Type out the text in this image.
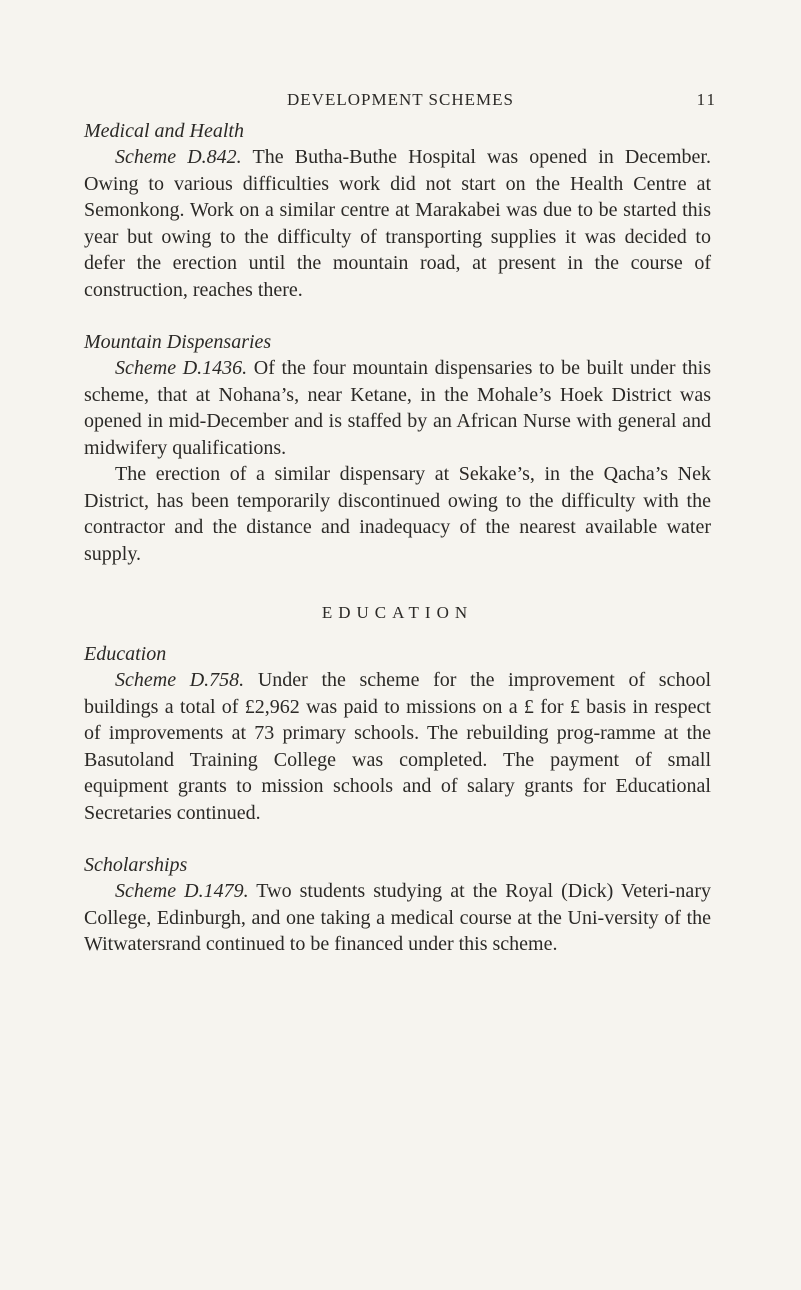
DEVELOPMENT SCHEMES	11

Medical and Health

Scheme D.842. The Butha-Buthe Hospital was opened in December. Owing to various difficulties work did not start on the Health Centre at Semonkong. Work on a similar centre at Marakabei was due to be started this year but owing to the difficulty of transporting supplies it was decided to defer the erection until the mountain road, at present in the course of construction, reaches there.

Mountain Dispensaries

Scheme D.1436. Of the four mountain dispensaries to be built under this scheme, that at Nohana’s, near Ketane, in the Mohale’s Hoek District was opened in mid-December and is staffed by an African Nurse with general and midwifery qualifications.

The erection of a similar dispensary at Sekake’s, in the Qacha’s Nek District, has been temporarily discontinued owing to the difficulty with the contractor and the distance and inadequacy of the nearest available water supply.

EDUCATION

Education

Scheme D.758. Under the scheme for the improvement of school buildings a total of £2,962 was paid to missions on a £ for £ basis in respect of improvements at 73 primary schools. The rebuilding prog-ramme at the Basutoland Training College was completed. The payment of small equipment grants to mission schools and of salary grants for Educational Secretaries continued.

Scholarships

Scheme D.1479. Two students studying at the Royal (Dick) Veteri-nary College, Edinburgh, and one taking a medical course at the Uni-versity of the Witwatersrand continued to be financed under this scheme.
